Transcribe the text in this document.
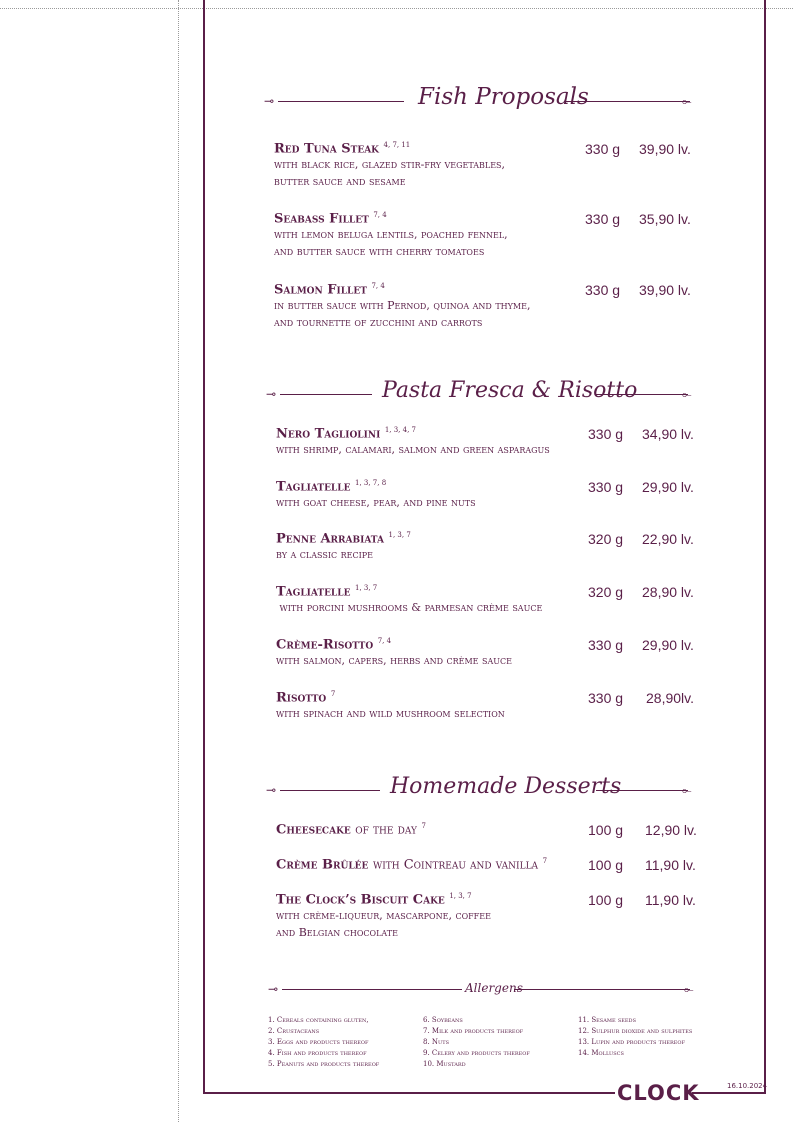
CLOCK	16.10.2024
⊸	⟜
Fish Proposals
Red Tuna Steak $^{4, 7, 11}$
with black rice, glazed stir-fry vegetables,
butter sauce and sesame
330 g 39,90 lv.
Seabass Fillet $^{7, 4}$
with lemon beluga lentils, poached fennel,
and butter sauce with cherry tomatoes
330 g 35,90 lv.
Salmon Fillet $^{7, 4}$
in butter sauce with Pernod, quinoa and thyme,
and tournette of zucchini and carrots
330 g 39,90 lv.
⊸	⟜
Pasta Fresca & Risotto
Nero Tagliolini $^{1, 3, 4, 7}$
with shrimp, calamari, salmon and green asparagus
330 g 34,90 lv.
Tagliatelle $^{1, 3, 7, 8}$
with goat cheese, pear, and pine nuts
330 g 29,90 lv.
Penne Arrabiata $^{1, 3, 7}$
by a classic recipe
320 g 22,90 lv.
Tagliatelle $^{1, 3, 7}$
with porcini mushrooms & parmesan crème sauce
320 g 28,90 lv.
Crème-Risotto $^{7, 4}$
with salmon, capers, herbs and crème sauce
330 g 29,90 lv.
Risotto $^7$
with spinach and wild mushroom selection
330 g 28,90lv.
⊸	⟜
Homemade Desserts
Cheesecake of the day $^7$	100 g 12,90 lv.
Crème Brûlée with Cointreau and vanilla $^7$	100 g 11,90 lv.
The Clock’s Biscuit Cake $^{1, 3, 7}$
with crème-liqueur, mascarpone, coffee
and Belgian chocolate
100 g 11,90 lv.
⊸	⟜
Allergens
1. Cereals containing gluten,
2. Crustaceans
3. Eggs and products thereof
4. Fish and products thereof
5. Peanuts and products thereof
6. Soybeans
7. Milk and products thereof
8. Nuts
9. Celery and products thereof
10. Mustard
11. Sesame seeds
12. Sulphur dioxide and sulphites
13. Lupin and products thereof
14. Molluscs
